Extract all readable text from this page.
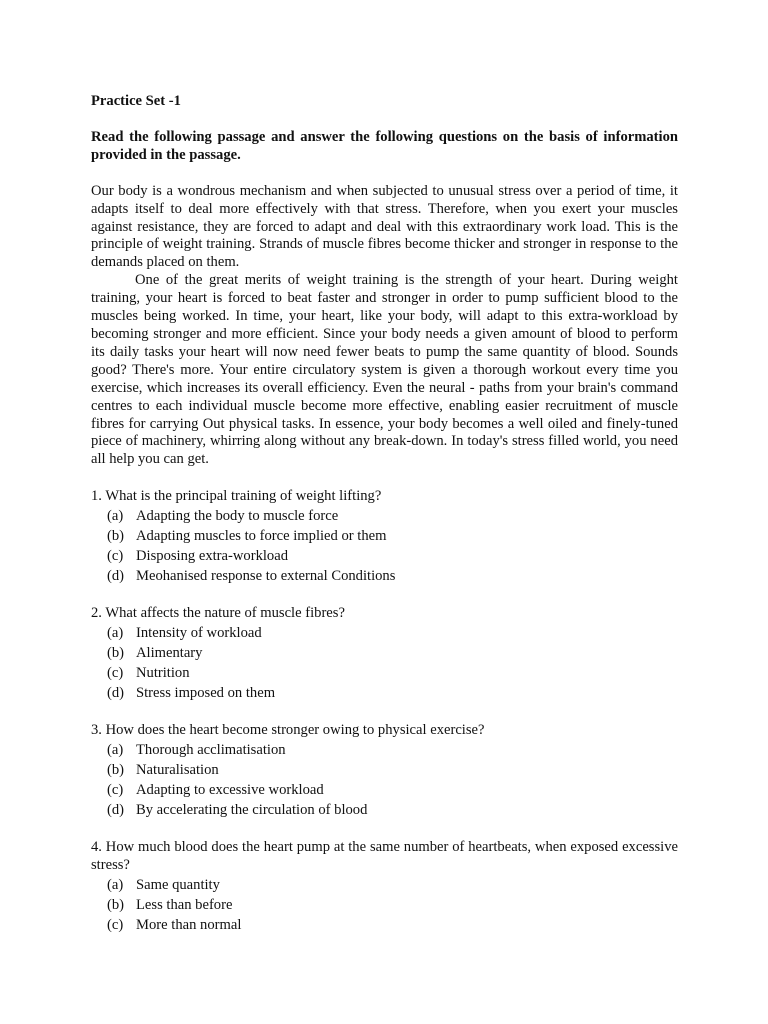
Practice Set -1

Read the following passage and answer the following questions on the basis of information provided in the passage.

Our body is a wondrous mechanism and when subjected to unusual stress over a period of time, it adapts itself to deal more effectively with that stress. Therefore, when you exert your muscles against resistance, they are forced to adapt and deal with this extraordinary work load. This is the principle of weight training. Strands of muscle fibres become thicker and stronger in response to the demands placed on them.

One of the great merits of weight training is the strength of your heart. During weight training, your heart is forced to beat faster and stronger in order to pump sufficient blood to the muscles being worked. In time, your heart, like your body, will adapt to this extra-workload by becoming stronger and more efficient. Since your body needs a given amount of blood to perform its daily tasks your heart will now need fewer beats to pump the same quantity of blood. Sounds good? There's more. Your entire circulatory system is given a thorough workout every time you exercise, which increases its overall efficiency. Even the neural - paths from your brain's command centres to each individual muscle become more effective, enabling easier recruitment of muscle fibres for carrying Out physical tasks. In essence, your body becomes a well oiled and finely-tuned piece of machinery, whirring along without any break-down. In today's stress filled world, you need all help you can get.

1. What is the principal training of weight lifting?

(a) Adapting the body to muscle force
(b) Adapting muscles to force implied or them
(c) Disposing extra-workload
(d) Meohanised response to external Conditions

2. What affects the nature of muscle fibres?

(a) Intensity of workload
(b) Alimentary
(c) Nutrition
(d) Stress imposed on them

3. How does the heart become stronger owing to physical exercise?

(a) Thorough acclimatisation
(b) Naturalisation
(c) Adapting to excessive workload
(d) By accelerating the circulation of blood

4. How much blood does the heart pump at the same number of heartbeats, when exposed excessive stress?

(a) Same quantity
(b) Less than before
(c) More than normal
